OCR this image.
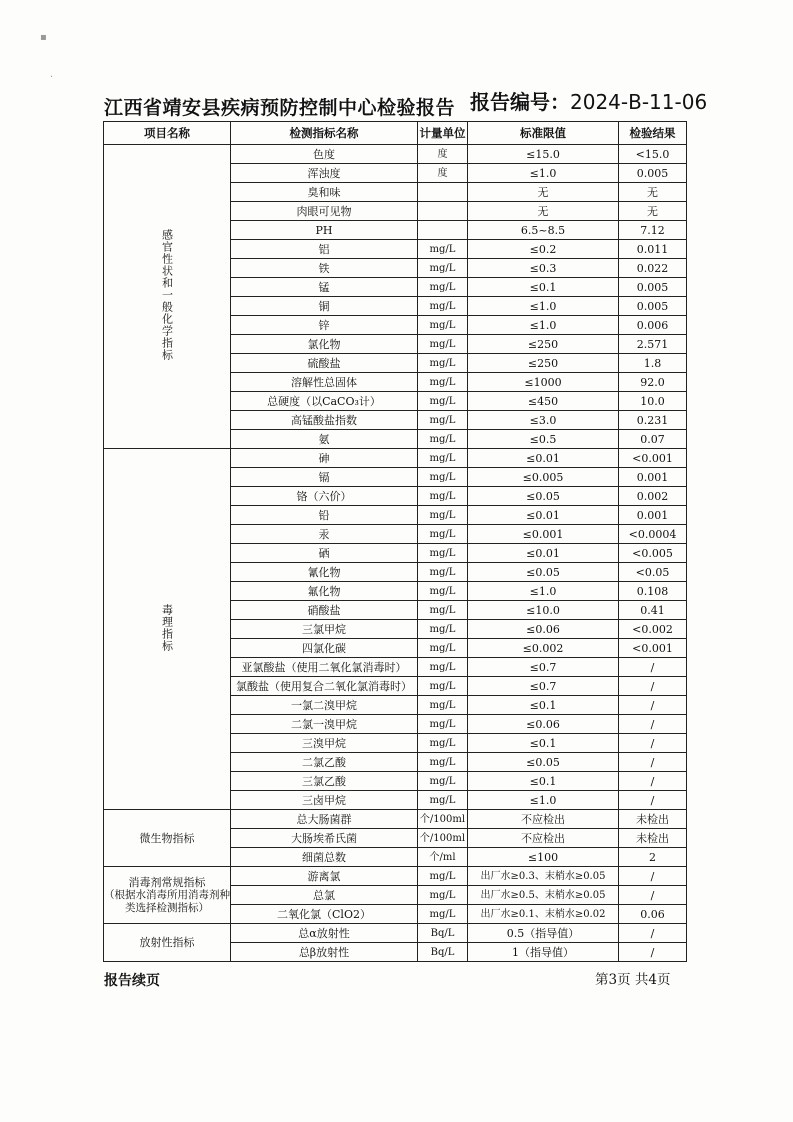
▪
·
江西省靖安县疾病预防控制中心检验报告 报告编号：2024-B-11-06
项目名称	检测指标名称	计量单位	标准限值	检验结果
感官性状和一般化学指标	色度	度	≤15.0	<15.0
	浑浊度	度	≤1.0	0.005
	臭和味		无	无
	肉眼可见物		无	无
	PH		6.5~8.5	7.12
	铝	mg/L	≤0.2	0.011
	铁	mg/L	≤0.3	0.022
	锰	mg/L	≤0.1	0.005
	铜	mg/L	≤1.0	0.005
	锌	mg/L	≤1.0	0.006
	氯化物	mg/L	≤250	2.571
	硫酸盐	mg/L	≤250	1.8
	溶解性总固体	mg/L	≤1000	92.0
	总硬度（以CaCO₃计）	mg/L	≤450	10.0
	高锰酸盐指数	mg/L	≤3.0	0.231
	氨	mg/L	≤0.5	0.07
毒理指标	砷	mg/L	≤0.01	<0.001
	镉	mg/L	≤0.005	0.001
	铬（六价）	mg/L	≤0.05	0.002
	铅	mg/L	≤0.01	0.001
	汞	mg/L	≤0.001	<0.0004
	硒	mg/L	≤0.01	<0.005
	氰化物	mg/L	≤0.05	<0.05
	氟化物	mg/L	≤1.0	0.108
	硝酸盐	mg/L	≤10.0	0.41
	三氯甲烷	mg/L	≤0.06	<0.002
	四氯化碳	mg/L	≤0.002	<0.001
	亚氯酸盐（使用二氧化氯消毒时）	mg/L	≤0.7	/
	氯酸盐（使用复合二氧化氯消毒时）	mg/L	≤0.7	/
	一氯二溴甲烷	mg/L	≤0.1	/
	二氯一溴甲烷	mg/L	≤0.06	/
	三溴甲烷	mg/L	≤0.1	/
	二氯乙酸	mg/L	≤0.05	/
	三氯乙酸	mg/L	≤0.1	/
	三卤甲烷	mg/L	≤1.0	/
微生物指标	总大肠菌群	个/100ml	不应检出	未检出
	大肠埃希氏菌	个/100ml	不应检出	未检出
	细菌总数	个/ml	≤100	2

消毒剂常规指标
（根据水消毒所用消毒剂种类选择检测指标）	游离氯	mg/L	出厂水≥0.3、末梢水≥0.05	/
	总氯	mg/L	出厂水≥0.5、末梢水≥0.05	/
	二氧化氯（ClO2）	mg/L	出厂水≥0.1、末梢水≥0.02	0.06
放射性指标	总α放射性	Bq/L	0.5（指导值）	/
	总β放射性	Bq/L	1（指导值）	/
报告续页	第3页 共4页
